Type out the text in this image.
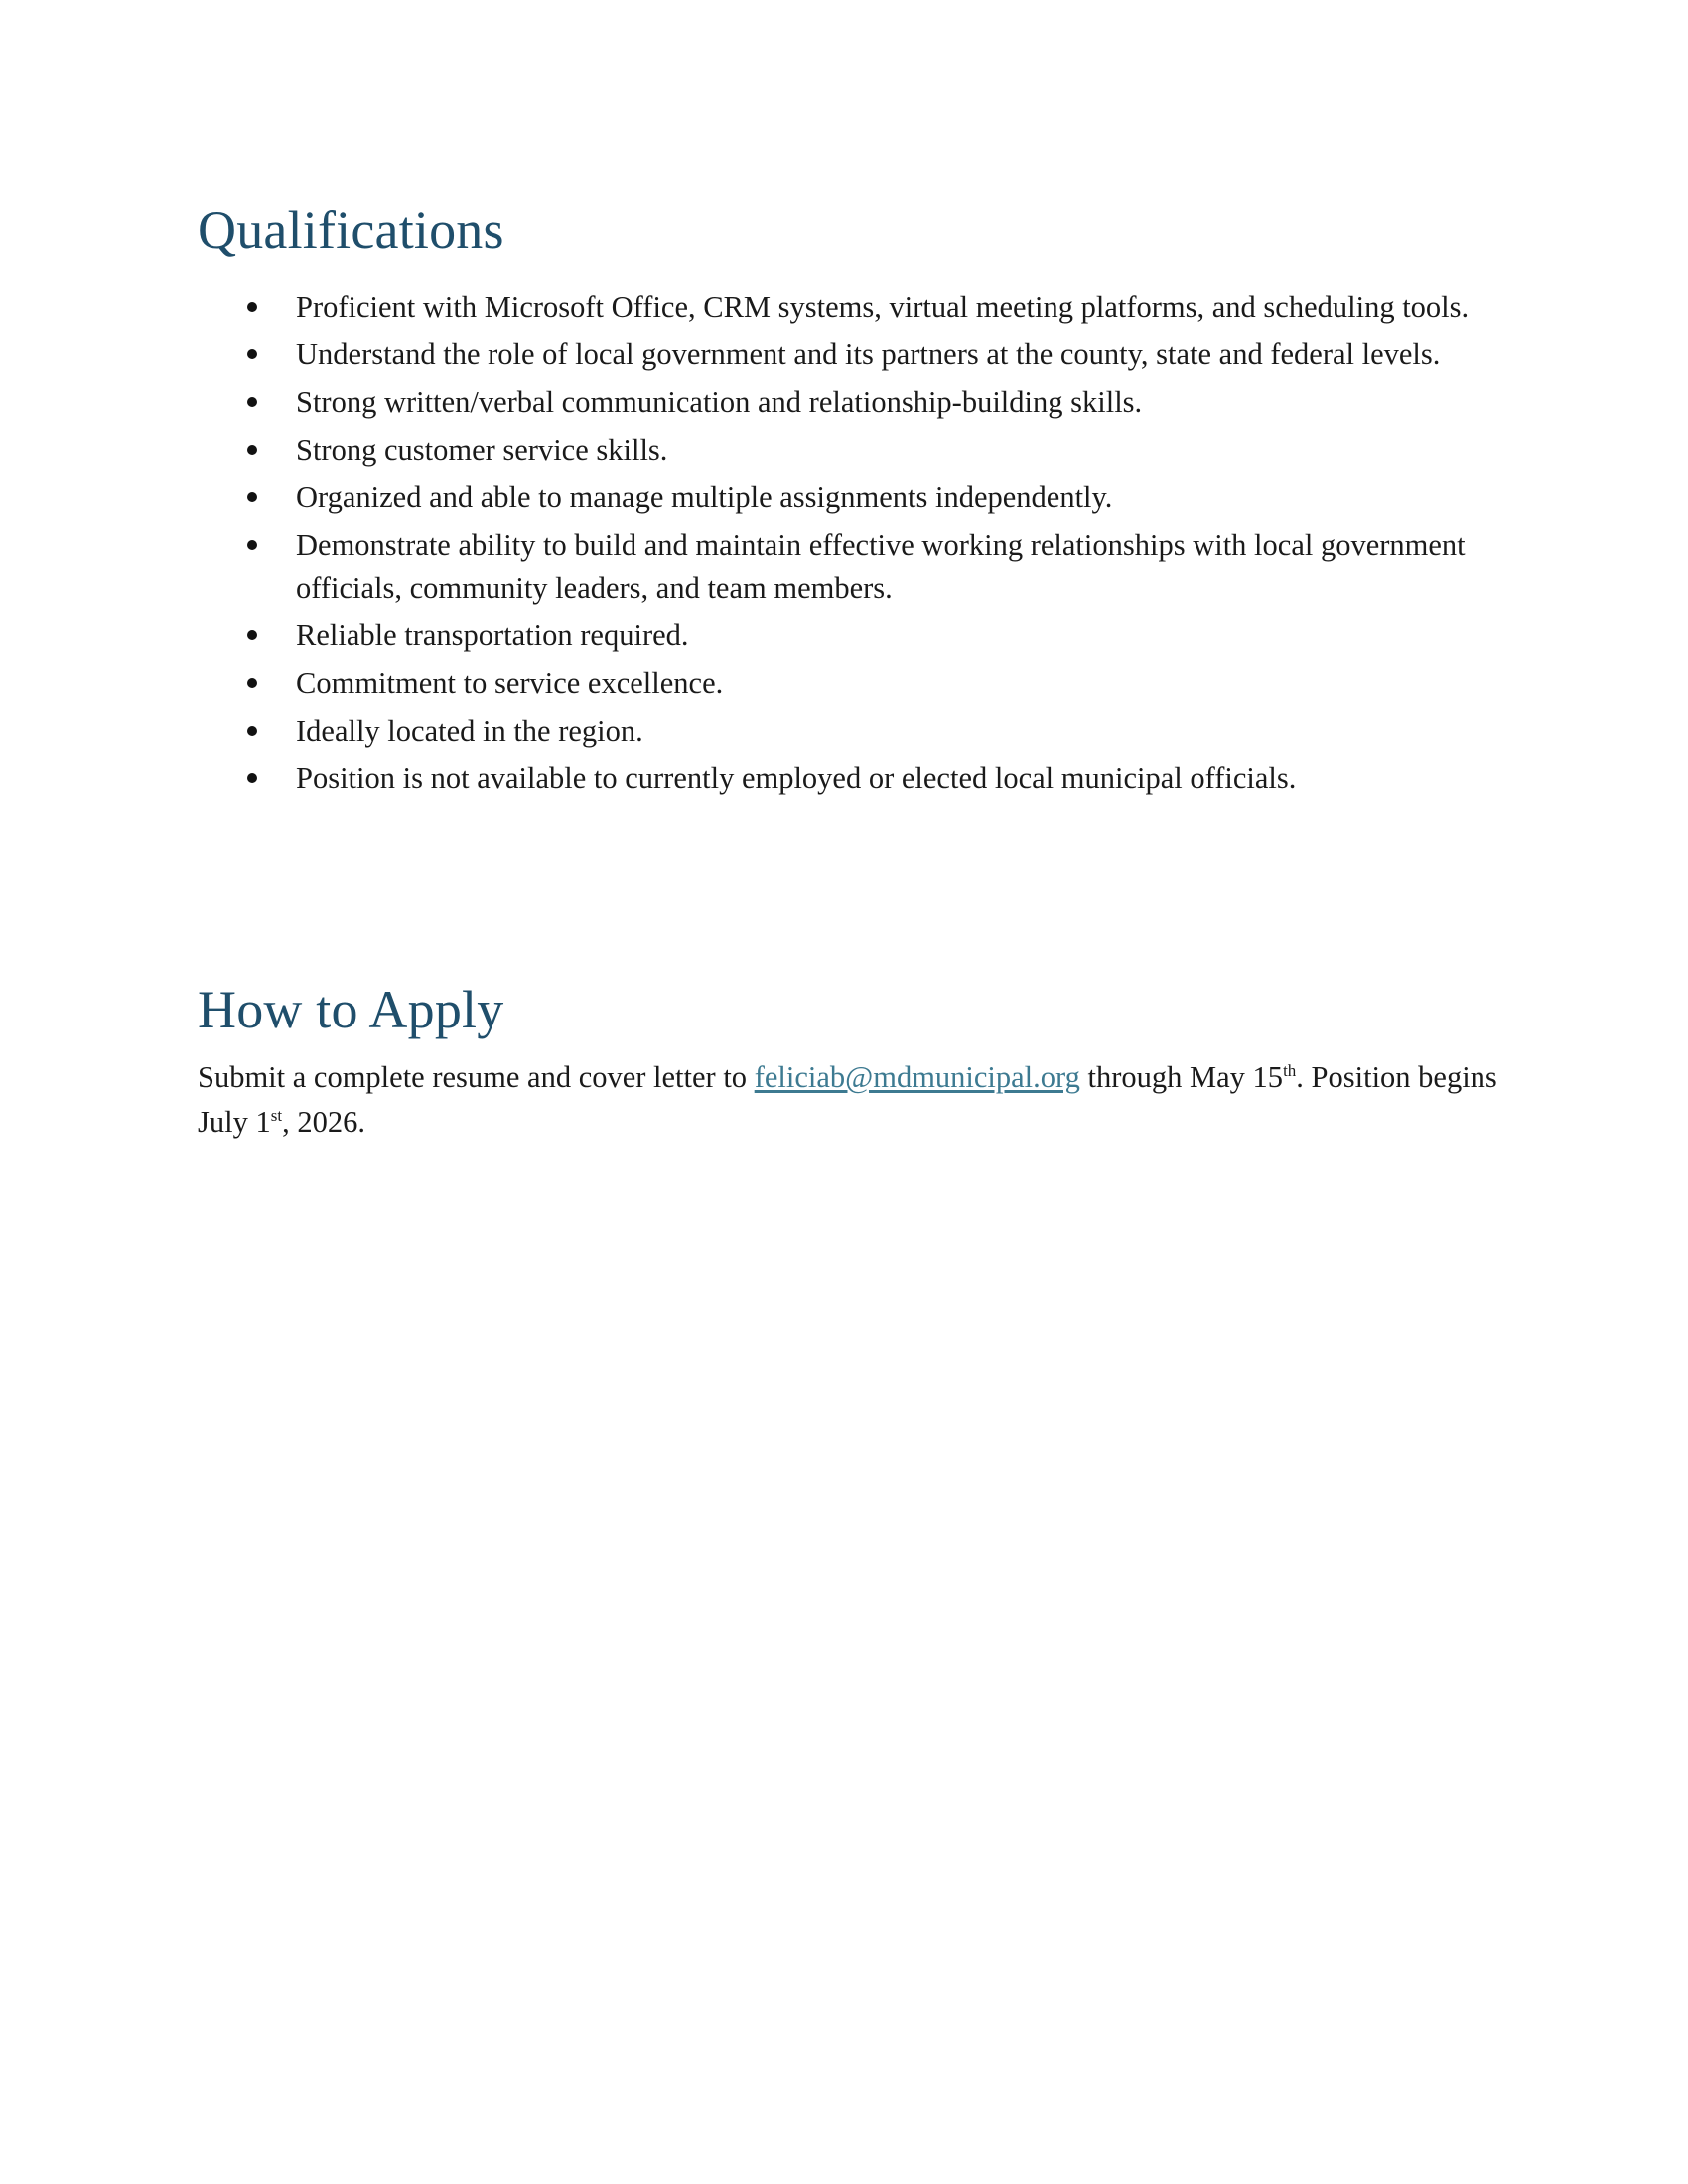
Qualifications
Proficient with Microsoft Office, CRM systems, virtual meeting platforms, and scheduling tools.
Understand the role of local government and its partners at the county, state and federal levels.
Strong written/verbal communication and relationship-building skills.
Strong customer service skills.
Organized and able to manage multiple assignments independently.
Demonstrate ability to build and maintain effective working relationships with local government officials, community leaders, and team members.
Reliable transportation required.
Commitment to service excellence.
Ideally located in the region.
Position is not available to currently employed or elected local municipal officials.
How to Apply

Submit a complete resume and cover letter to feliciab@mdmunicipal.org through May 15th. Position begins July 1st, 2026.
